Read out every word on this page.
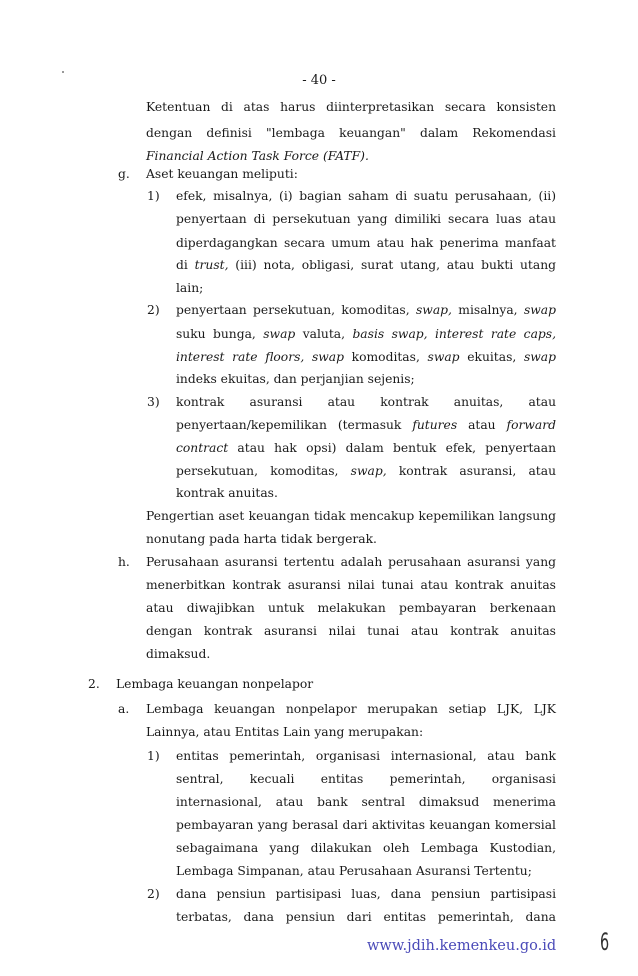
- 40 -
Ketentuan di atas harus diinterpretasikan secara konsisten
dengan definisi "lembaga keuangan" dalam Rekomendasi
Financial Action Task Force (FATF).
g. Aset keuangan meliputi:
1) efek, misalnya, (i) bagian saham di suatu perusahaan, (ii)
penyertaan di persekutuan yang dimiliki secara luas atau
diperdagangkan secara umum atau hak penerima manfaat
di trust, (iii) nota, obligasi, surat utang, atau bukti utang
lain;
2) penyertaan persekutuan, komoditas, swap, misalnya, swap
suku bunga, swap valuta, basis swap, interest rate caps,
interest rate floors, swap komoditas, swap ekuitas, swap
indeks ekuitas, dan perjanjian sejenis;
3) kontrak asuransi atau kontrak anuitas, atau
penyertaan/kepemilikan (termasuk futures atau forward
contract atau hak opsi) dalam bentuk efek, penyertaan
persekutuan, komoditas, swap, kontrak asuransi, atau
kontrak anuitas.
Pengertian aset keuangan tidak mencakup kepemilikan langsung
nonutang pada harta tidak bergerak.
h. Perusahaan asuransi tertentu adalah perusahaan asuransi yang
menerbitkan kontrak asuransi nilai tunai atau kontrak anuitas
atau diwajibkan untuk melakukan pembayaran berkenaan
dengan kontrak asuransi nilai tunai atau kontrak anuitas
dimaksud.
2. Lembaga keuangan nonpelapor
a. Lembaga keuangan nonpelapor merupakan setiap LJK, LJK
Lainnya, atau Entitas Lain yang merupakan:
1) entitas pemerintah, organisasi internasional, atau bank
sentral, kecuali entitas pemerintah, organisasi
internasional, atau bank sentral dimaksud menerima
pembayaran yang berasal dari aktivitas keuangan komersial
sebagaimana yang dilakukan oleh Lembaga Kustodian,
Lembaga Simpanan, atau Perusahaan Asuransi Tertentu;
2) dana pensiun partisipasi luas, dana pensiun partisipasi
terbatas, dana pensiun dari entitas pemerintah, dana
www.jdih.kemenkeu.go.id 6
